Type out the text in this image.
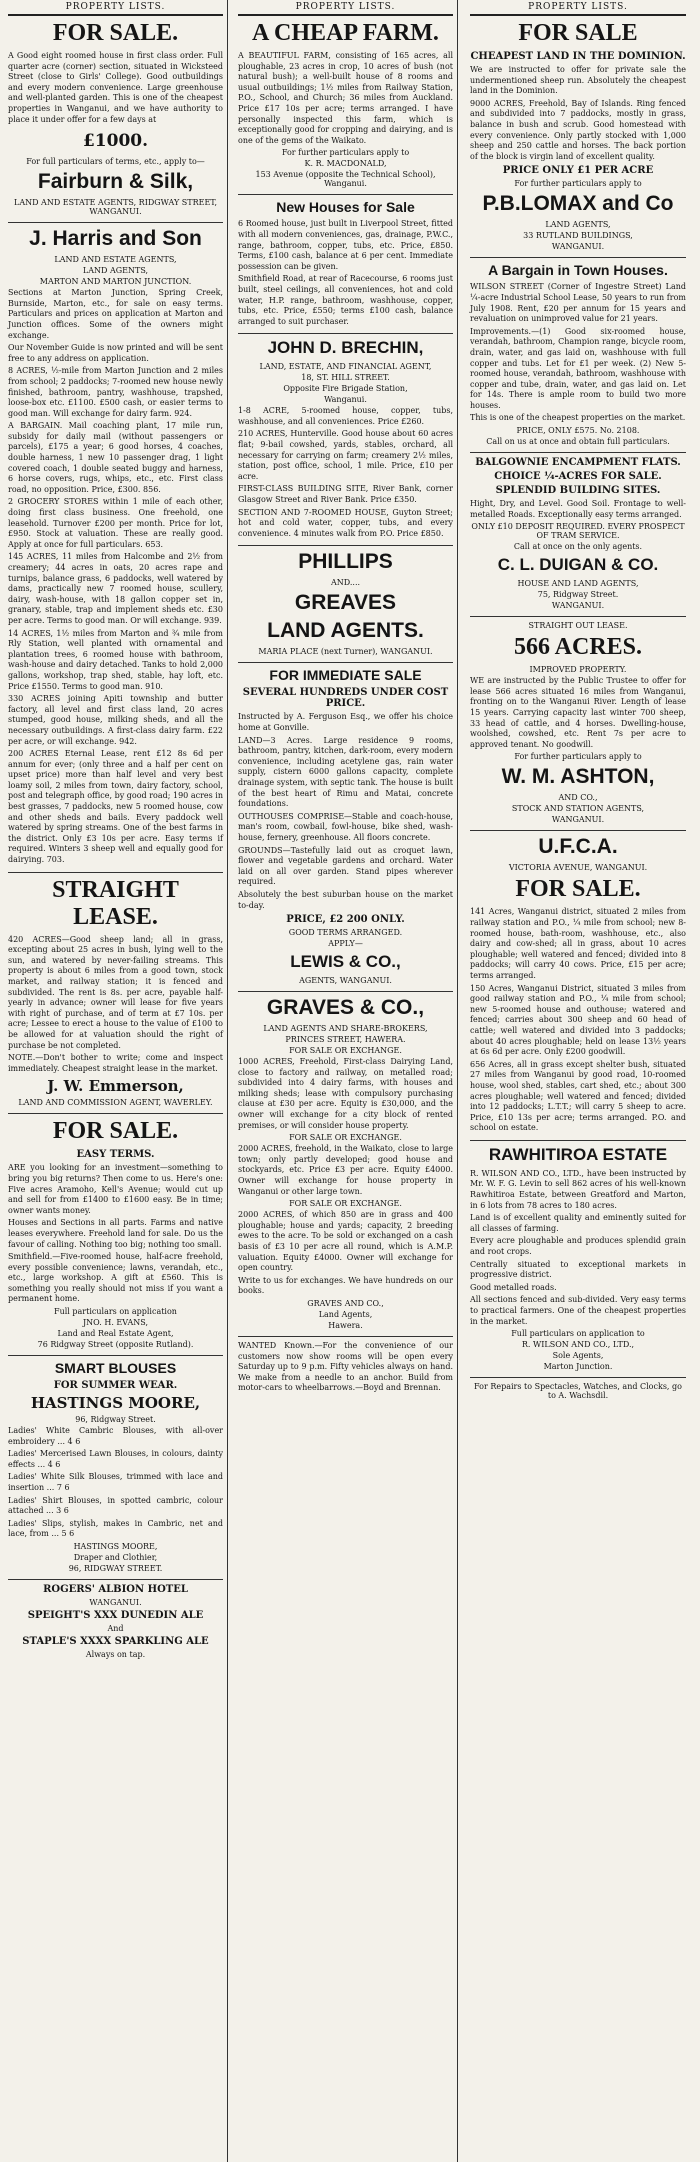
PROPERTY LISTS.
FOR SALE.
A Good eight roomed house in first class order. Full quarter acre (corner) section, situated in Wicksteed Street (close to Girls' College). Good outbuildings and every modern convenience. Large greenhouse and well-planted garden. This is one of the cheapest properties in Wanganui, and we have authority to place it under offer for a few days at
£1000.
For full particulars of terms, etc., apply to—
Fairburn & Silk,
LAND AND ESTATE AGENTS, RIDGWAY STREET, WANGANUI.
J. Harris and Son
LAND AND ESTATE AGENTS,
LAND AGENTS,
MARTON AND MARTON JUNCTION.
Sections at Marton Junction, Spring Creek, Burnside, Marton, etc., for sale on easy terms. Particulars and prices on application at Marton and Junction offices. Some of the owners might exchange.
Our November Guide is now printed and will be sent free to any address on application.
8 ACRES, ½-mile from Marton Junction and 2 miles from school; 2 paddocks; 7-roomed new house newly finished, bathroom, pantry, washhouse, trapshed, loose-box etc. £1100. £500 cash, or easier terms to good man. Will exchange for dairy farm. 924.
A BARGAIN. Mail coaching plant, 17 mile run, subsidy for daily mail (without passengers or parcels), £175 a year; 6 good horses, 4 coaches, double harness, 1 new 10 passenger drag, 1 light covered coach, 1 double seated buggy and harness, 6 horse covers, rugs, whips, etc., etc. First class road, no opposition. Price, £300. 856.
2 GROCERY STORES within 1 mile of each other, doing first class business. One freehold, one leasehold. Turnover £200 per month. Price for lot, £950. Stock at valuation. These are really good. Apply at once for full particulars. 653.
145 ACRES, 11 miles from Halcombe and 2½ from creamery; 44 acres in oats, 20 acres rape and turnips, balance grass, 6 paddocks, well watered by dams, practically new 7 roomed house, scullery, dairy, wash-house, with 18 gallon copper set in, granary, stable, trap and implement sheds etc. £30 per acre. Terms to good man. Or will exchange. 939.
14 ACRES, 1½ miles from Marton and ¾ mile from Rly Station, well planted with ornamental and plantation trees, 6 roomed house with bathroom, wash-house and dairy detached. Tanks to hold 2,000 gallons, workshop, trap shed, stable, hay loft, etc. Price £1550. Terms to good man. 910.
330 ACRES joining Apiti township and butter factory, all level and first class land, 20 acres stumped, good house, milking sheds, and all the necessary outbuildings. A first-class dairy farm. £22 per acre, or will exchange. 942.
200 ACRES Eternal Lease, rent £12 8s 6d per annum for ever; (only three and a half per cent on upset price) more than half level and very best loamy soil, 2 miles from town, dairy factory, school, post and telegraph office, by good road; 190 acres in best grasses, 7 paddocks, new 5 roomed house, cow and other sheds and bails. Every paddock well watered by spring streams. One of the best farms in the district. Only £3 10s per acre. Easy terms if required. Winters 3 sheep well and equally good for dairying. 703.
STRAIGHT LEASE.
420 ACRES—Good sheep land; all in grass, excepting about 25 acres in bush, lying well to the sun, and watered by never-failing streams. This property is about 6 miles from a good town, stock market, and railway station; it is fenced and subdivided. The rent is 8s. per acre, payable half-yearly in advance; owner will lease for five years with right of purchase, and of term at £7 10s. per acre; Lessee to erect a house to the value of £100 to be allowed for at valuation should the right of purchase be not completed.
NOTE.—Don't bother to write; come and inspect immediately. Cheapest straight lease in the market.
J. W. Emmerson,
LAND AND COMMISSION AGENT, WAVERLEY.
FOR SALE.
EASY TERMS.
ARE you looking for an investment—something to bring you big returns? Then come to us. Here's one: Five acres Aramoho, Kell's Avenue; would cut up and sell for from £1400 to £1600 easy. Be in time; owner wants money.
Houses and Sections in all parts. Farms and native leases everywhere. Freehold land for sale. Do us the favour of calling. Nothing too big; nothing too small.
Smithfield.—Five-roomed house, half-acre freehold, every possible convenience; lawns, verandah, etc., etc., large workshop. A gift at £560. This is something you really should not miss if you want a permanent home.
Full particulars on application
JNO. H. EVANS,
Land and Real Estate Agent,
76 Ridgway Street (opposite Rutland).
SMART BLOUSES
FOR SUMMER WEAR.
HASTINGS MOORE,
96, Ridgway Street.
Ladies' White Cambric Blouses, with all-over embroidery ... 4 6
Ladies' Mercerised Lawn Blouses, in colours, dainty effects ... 4 6
Ladies' White Silk Blouses, trimmed with lace and insertion ... 7 6
Ladies' Shirt Blouses, in spotted cambric, colour attached ... 3 6
Ladies' Slips, stylish, makes in Cambric, net and lace, from ... 5 6
HASTINGS MOORE,
Draper and Clothier,
96, RIDGWAY STREET.
ROGERS' ALBION HOTEL
WANGANUI.
SPEIGHT'S XXX DUNEDIN ALE
And
STAPLE'S XXXX SPARKLING ALE
Always on tap.
PROPERTY LISTS.
A CHEAP FARM.
A BEAUTIFUL FARM, consisting of 165 acres, all ploughable, 23 acres in crop, 10 acres of bush (not natural bush); a well-built house of 8 rooms and usual outbuildings; 1½ miles from Railway Station, P.O., School, and Church; 36 miles from Auckland. Price £17 10s per acre; terms arranged. I have personally inspected this farm, which is exceptionally good for cropping and dairying, and is one of the gems of the Waikato.
For further particulars apply to
K. R. MACDONALD,
153 Avenue (opposite the Technical School), Wanganui.
New Houses for Sale
6 Roomed house, just built in Liverpool Street, fitted with all modern conveniences, gas, drainage, P.W.C., range, bathroom, copper, tubs, etc. Price, £850. Terms, £100 cash, balance at 6 per cent. Immediate possession can be given.
Smithfield Road, at rear of Racecourse, 6 rooms just built, steel ceilings, all conveniences, hot and cold water, H.P. range, bathroom, washhouse, copper, tubs, etc. Price, £550; terms £100 cash, balance arranged to suit purchaser.
JOHN D. BRECHIN,
LAND, ESTATE, AND FINANCIAL AGENT,
18, ST. HILL STREET.
Opposite Fire Brigade Station,
Wanganui.
1-8 ACRE, 5-roomed house, copper, tubs, washhouse, and all conveniences. Price £260.
210 ACRES, Hunterville. Good house about 60 acres flat; 9-bail cowshed, yards, stables, orchard, all necessary for carrying on farm; creamery 2½ miles, station, post office, school, 1 mile. Price, £10 per acre.
FIRST-CLASS BUILDING SITE, River Bank, corner Glasgow Street and River Bank. Price £350.
SECTION AND 7-ROOMED HOUSE, Guyton Street; hot and cold water, copper, tubs, and every convenience. 4 minutes walk from P.O. Price £850.
PHILLIPS
AND....
GREAVES
LAND AGENTS.
MARIA PLACE (next Turner), WANGANUI.
FOR IMMEDIATE SALE
SEVERAL HUNDREDS UNDER COST PRICE.
Instructed by A. Ferguson Esq., we offer his choice home at Gonville.
LAND—3 Acres. Large residence 9 rooms, bathroom, pantry, kitchen, dark-room, every modern convenience, including acetylene gas, rain water supply, cistern 6000 gallons capacity, complete drainage system, with septic tank. The house is built of the best heart of Rimu and Matai, concrete foundations.
OUTHOUSES COMPRISE—Stable and coach-house, man's room, cowbail, fowl-house, bike shed, wash-house, fernery, greenhouse. All floors concrete.
GROUNDS—Tastefully laid out as croquet lawn, flower and vegetable gardens and orchard. Water laid on all over garden. Stand pipes wherever required.
Absolutely the best suburban house on the market to-day.
PRICE, £2 200 ONLY.
GOOD TERMS ARRANGED.
APPLY—
LEWIS & CO.,
AGENTS, WANGANUI.
GRAVES & CO.,
LAND AGENTS AND SHARE-BROKERS,
PRINCES STREET, HAWERA.
FOR SALE OR EXCHANGE.
1000 ACRES, Freehold, First-class Dairying Land, close to factory and railway, on metalled road; subdivided into 4 dairy farms, with houses and milking sheds; lease with compulsory purchasing clause at £30 per acre. Equity is £30,000, and the owner will exchange for a city block of rented premises, or will consider house property.
FOR SALE OR EXCHANGE.
2000 ACRES, freehold, in the Waikato, close to large town; only partly developed; good house and stockyards, etc. Price £3 per acre. Equity £4000. Owner will exchange for house property in Wanganui or other large town.
FOR SALE OR EXCHANGE.
2000 ACRES, of which 850 are in grass and 400 ploughable; house and yards; capacity, 2 breeding ewes to the acre. To be sold or exchanged on a cash basis of £3 10 per acre all round, which is A.M.P. valuation. Equity £4000. Owner will exchange for open country.
Write to us for exchanges. We have hundreds on our books.
GRAVES AND CO.,
Land Agents,
Hawera.
WANTED Known.—For the convenience of our customers now show rooms will be open every Saturday up to 9 p.m. Fifty vehicles always on hand. We make from a needle to an anchor. Build from motor-cars to wheelbarrows.—Boyd and Brennan.
PROPERTY LISTS.
FOR SALE
CHEAPEST LAND IN THE DOMINION.
We are instructed to offer for private sale the undermentioned sheep run. Absolutely the cheapest land in the Dominion.
9000 ACRES, Freehold, Bay of Islands. Ring fenced and subdivided into 7 paddocks, mostly in grass, balance in bush and scrub. Good homestead with every convenience. Only partly stocked with 1,000 sheep and 250 cattle and horses. The back portion of the block is virgin land of excellent quality.
PRICE ONLY £1 PER ACRE
For further particulars apply to
P.B.LOMAX and Co
LAND AGENTS,
33 RUTLAND BUILDINGS,
WANGANUI.
A Bargain in Town Houses.
WILSON STREET (Corner of Ingestre Street) Land ¼-acre Industrial School Lease, 50 years to run from July 1908. Rent, £20 per annum for 15 years and revaluation on unimproved value for 21 years.
Improvements.—(1) Good six-roomed house, verandah, bathroom, Champion range, bicycle room, drain, water, and gas laid on, washhouse with full copper and tubs. Let for £1 per week. (2) New 5-roomed house, verandah, bathroom, washhouse with copper and tube, drain, water, and gas laid on. Let for 14s. There is ample room to build two more houses.
This is one of the cheapest properties on the market.
PRICE, ONLY £575. No. 2108.
Call on us at once and obtain full particulars.
BALGOWNIE ENCAMPMENT FLATS.
CHOICE ¼-ACRES FOR SALE.
SPLENDID BUILDING SITES.
Hight, Dry, and Level. Good Soil. Frontage to well-metalled Roads. Exceptionally easy terms arranged.
ONLY £10 DEPOSIT REQUIRED. EVERY PROSPECT OF TRAM SERVICE.
Call at once on the only agents.
C. L. DUIGAN & CO.
HOUSE AND LAND AGENTS,
75, Ridgway Street.
WANGANUI.
STRAIGHT OUT LEASE.
566 ACRES.
IMPROVED PROPERTY.
WE are instructed by the Public Trustee to offer for lease 566 acres situated 16 miles from Wanganui, fronting on to the Wanganui River. Length of lease 15 years. Carrying capacity last winter 700 sheep, 33 head of cattle, and 4 horses. Dwelling-house, woolshed, cowshed, etc. Rent 7s per acre to approved tenant. No goodwill.
For further particulars apply to
W. M. ASHTON,
AND CO.,
STOCK AND STATION AGENTS,
WANGANUI.
U.F.C.A.
VICTORIA AVENUE, WANGANUI.
FOR SALE.
141 Acres, Wanganui district, situated 2 miles from railway station and P.O., ¼ mile from school; new 8-roomed house, bath-room, washhouse, etc., also dairy and cow-shed; all in grass, about 10 acres ploughable; well watered and fenced; divided into 8 paddocks; will carry 40 cows. Price, £15 per acre; terms arranged.
150 Acres, Wanganui District, situated 3 miles from good railway station and P.O., ¼ mile from school; new 5-roomed house and outhouse; watered and fenced; carries about 300 sheep and 60 head of cattle; well watered and divided into 3 paddocks; about 40 acres ploughable; held on lease 13½ years at 6s 6d per acre. Only £200 goodwill.
656 Acres, all in grass except shelter bush, situated 27 miles from Wanganui by good road, 10-roomed house, wool shed, stables, cart shed, etc.; about 300 acres ploughable; well watered and fenced; divided into 12 paddocks; L.T.T.; will carry 5 sheep to acre. Price, £10 13s per acre; terms arranged. P.O. and school on estate.
RAWHITIROA ESTATE
R. WILSON AND CO., LTD., have been instructed by Mr. W. F. G. Levin to sell 862 acres of his well-known Rawhitiroa Estate, between Greatford and Marton, in 6 lots from 78 acres to 180 acres.
Land is of excellent quality and eminently suited for all classes of farming.
Every acre ploughable and produces splendid grain and root crops.
Centrally situated to exceptional markets in progressive district.
Good metalled roads.
All sections fenced and sub-divided. Very easy terms to practical farmers. One of the cheapest properties in the market.
Full particulars on application to
R. WILSON AND CO., LTD.,
Sole Agents,
Marton Junction.
For Repairs to Spectacles, Watches, and Clocks, go to A. Wachsdil.
